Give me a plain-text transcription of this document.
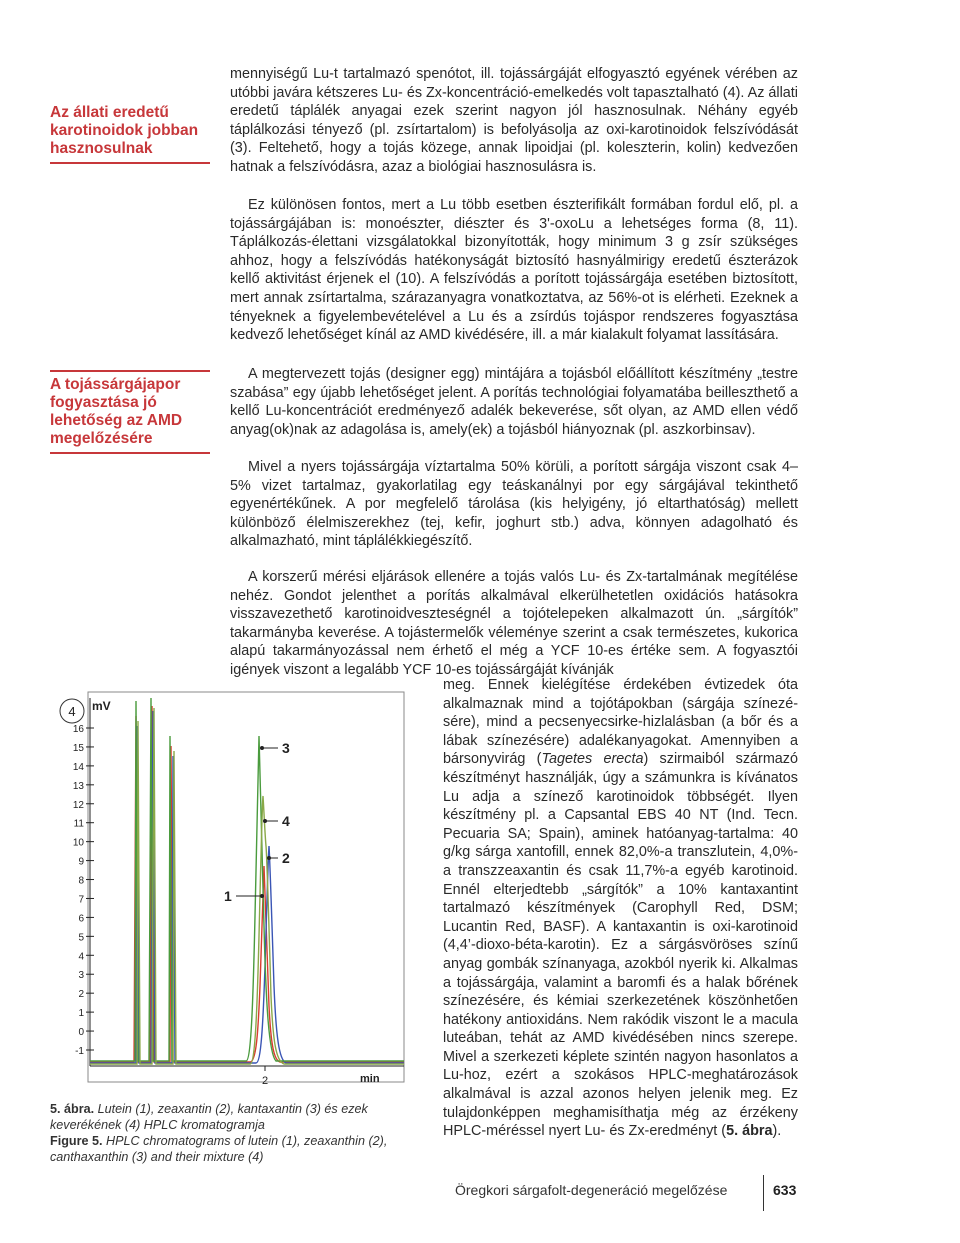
Az állati eredetű
karotinoidok jobban
hasznosulnak
A tojássárgájapor
fogyasztása jó
lehetőség az AMD
megelőzésére

mennyiségű Lu-t tartalmazó spenótot, ill. tojássárgáját elfogyasztó egyének vérében az utóbbi javára kétszeres Lu- és Zx-koncentráció-emelkedés volt tapasztalható (4). Az állati eredetű táplálék anyagai ezek szerint nagyon jól hasznosulnak. Néhány egyéb táplálkozási tényező (pl. zsírtartalom) is befolyásolja az oxi-karotinoidok felszívódását (3). Feltehető, hogy a tojás közege, annak lipoidjai (pl. koleszterin, kolin) kedvezően hatnak a felszívódásra, azaz a biológiai hasznosulásra is.

Ez különösen fontos, mert a Lu több esetben észterifikált formában fordul elő, pl. a tojássárgájában is: monoészter, diészter és 3'-oxoLu a lehetséges forma (8, 11). Táplálkozás-élettani vizsgálatokkal bizonyították, hogy minimum 3 g zsír szükséges ahhoz, hogy a felszívódás hatékonyságát biztosító hasnyálmirigy eredetű észterázok kellő aktivitást érjenek el (10). A felszívódás a porított tojássárgája esetében biztosított, mert annak zsírtartalma, szárazanyagra vonatkoztatva, az 56%-ot is elérheti. Ezeknek a tényeknek a figyelembevételével a Lu és a zsírdús tojáspor rendszeres fogyasztása kedvező lehetőséget kínál az AMD kivédésére, ill. a már kialakult folyamat lassítására.

A megtervezett tojás (designer egg) mintájára a tojásból előállított készítmény „testre szabása” egy újabb lehetőséget jelent. A porítás technológiai folyamatába beilleszthető a kellő Lu-koncentrációt eredményező adalék bekeverése, sőt olyan, az AMD ellen védő anyag(ok)nak az adagolása is, amely(ek) a tojásból hiányoznak (pl. aszkorbinsav).

Mivel a nyers tojássárgája víztartalma 50% körüli, a porított sárgája viszont csak 4–5% vizet tartalmaz, gyakorlatilag egy teáskanálnyi por egy sárgájával tekinthető egyenértékűnek. A por megfelelő tárolása (kis helyigény, jó eltarthatóság) mellett különböző élelmiszerekhez (tej, kefir, joghurt stb.) adva, könnyen adagolható és alkalmazható, mint táplálékkiegészítő.

A korszerű mérési eljárások ellenére a tojás valós Lu- és Zx-tartalmának megítélése nehéz. Gondot jelenthet a porítás alkalmával elkerülhetetlen oxidációs hatásokra visszavezethető karotinoidveszteségnél a tojótelepeken alkalmazott ún. „sárgítók” takarmányba keverése. A tojástermelők véleménye szerint a csak természetes, kukorica alapú takarmányozással nem érhető el még a YCF 10-es értéke sem. A fogyasztói igények viszont a legalább YCF 10-es tojássárgáját kívánják

meg. Ennek kielégítése érdekében évtizedek óta alkalmaznak mind a tojótápokban (sárgája színezésére), mind a pecsenyecsirke-hizlalásban (a bőr és a lábak színezésére) adalékanyagokat. Amennyiben a bársonyvirág (Tagetes erecta) szirmaiból származó készítményt használják, úgy a számunkra is kívánatos Lu adja a színező karotinoidok többségét. Ilyen készítmény pl. a Capsantal EBS 40 NT (Ind. Tecn. Pecuaria SA; Spain), aminek hatóanyag-tartalma: 40 g/kg sárga xantofill, ennek 82,0%-a transzlutein, 4,0%-a transzzeaxantin és csak 11,7%-a egyéb karotinoid. Ennél elterjedtebb „sárgítók” a 10% kantaxantint tartalmazó készítmények (Carophyll Red, DSM; Lucantin Red, BASF). A kantaxantin is oxi-karotinoid (4,4’-dioxo-béta-karotin). Ez a sárgásvöröses színű anyag gombák színanyaga, azokból nyerik ki. Alkalmas a tojássárgája, valamint a baromfi és a halak bőrének színezésére, és kémiai szerkezetének köszönhetően hatékony antioxidáns. Nem rakódik viszont le a macula luteában, tehát az AMD kivédésében nincs szerepe. Mivel a szerkezeti képlete szintén nagyon hasonlatos a Lu-hoz, ezért a szokásos HPLC-meghatározások alkalmával is azzal azonos helyen jelenik meg. Ez tulajdonképpen meghamisíthatja még az érzékeny HPLC-méréssel nyert Lu- és Zx-eredményt (5. ábra).

4 mV
16
15
14
13
12
11
10
9
8
7
6
5
4
3
2
1
0
-1
2	min
3
4
2
1
5. ábra. Lutein (1), zeaxantin (2), kantaxantin (3) és ezek keverékének (4) HPLC kromatogramja
Figure 5. HPLC chromatograms of lutein (1), zeaxanthin (2), canthaxanthin (3) and their mixture (4)
Öregkori sárgafolt-degeneráció megelőzése	633
